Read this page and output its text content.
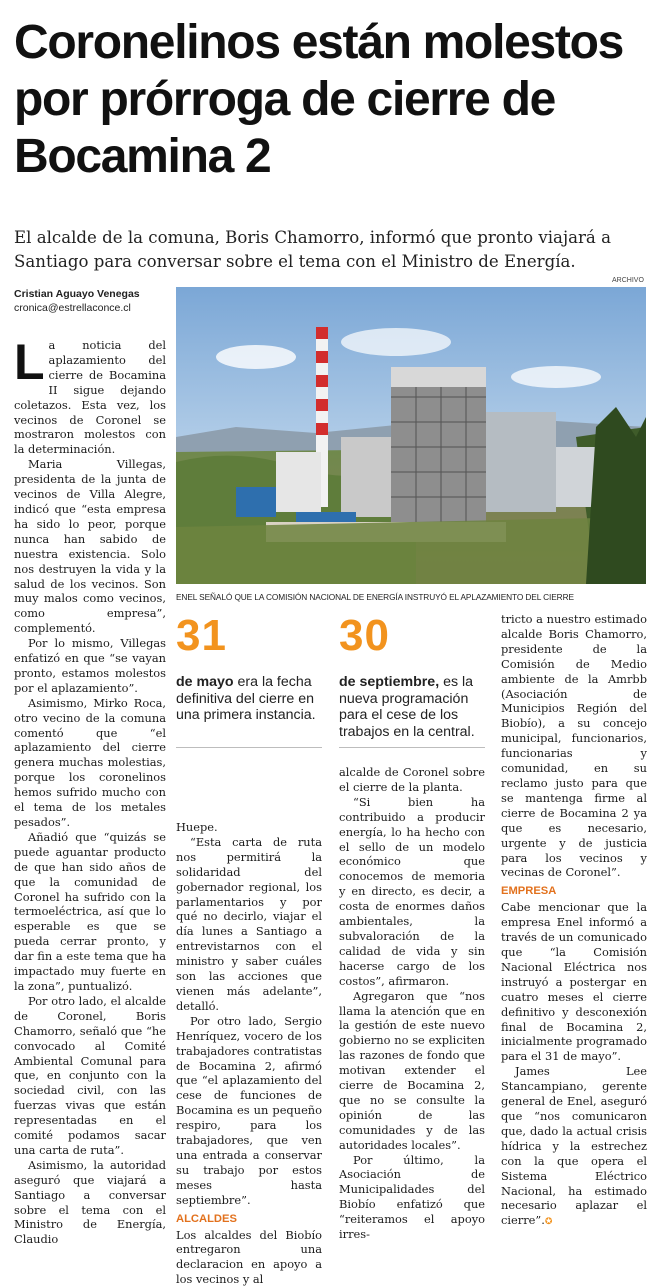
Coronelinos están molestos por prórroga de cierre de Bocamina 2

El alcalde de la comuna, Boris Chamorro, informó que pronto viajará a Santiago para conversar sobre el tema con el Ministro de Energía.

Cristian Aguayo Venegas
cronica@estrellaconce.cl
ARCHIVO
ENEL SEÑALÓ QUE LA COMISIÓN NACIONAL DE ENERGÍA INSTRUYÓ EL APLAZAMIENTO DEL CIERRE

La noticia del aplazamiento del cierre de Bocamina II sigue dejando coletazos. Esta vez, los vecinos de Coronel se mostraron molestos con la determinación.

Maria Villegas, presidenta de la junta de vecinos de Villa Alegre, indicó que “esta empresa ha sido lo peor, porque nunca han sabido de nuestra existencia. Solo nos destruyen la vida y la salud de los vecinos. Son muy malos como vecinos, como empresa”, complementó.

Por lo mismo, Villegas enfatizó en que “se vayan pronto, estamos molestos por el aplazamiento”.

Asimismo, Mirko Roca, otro vecino de la comuna comentó que “el aplazamiento del cierre genera muchas molestias, porque los coronelinos hemos sufrido mucho con el tema de los metales pesados”.

Añadió que “quizás se puede aguantar producto de que han sido años de que la comunidad de Coronel ha sufrido con la termoeléctrica, así que lo esperable es que se pueda cerrar pronto, y dar fin a este tema que ha impactado muy fuerte en la zona”, puntualizó.

Por otro lado, el alcalde de Coronel, Boris Chamorro, señaló que “he convocado al Comité Ambiental Comunal para que, en conjunto con la sociedad civil, con las fuerzas vivas que están representadas en el comité podamos sacar una carta de ruta”.

Asimismo, la autoridad aseguró que viajará a Santiago a conversar sobre el tema con el Ministro de Energía, Claudio

31
de mayo era la fecha definitiva del cierre en una primera instancia.
30
de septiembre, es la nueva programación para el cese de los trabajos en la central.

Huepe.

“Esta carta de ruta nos permitirá la solidaridad del gobernador regional, los parlamentarios y por qué no decirlo, viajar el día lunes a Santiago a entrevistarnos con el ministro y saber cuáles son las acciones que vienen más adelante”, detalló.

Por otro lado, Sergio Henríquez, vocero de los trabajadores contratistas de Bocamina 2, afirmó que “el aplazamiento del cese de funciones de Bocamina es un pequeño respiro, para los trabajadores, que ven una entrada a conservar su trabajo por estos meses hasta septiembre”.

ALCALDES

Los alcaldes del Biobío entregaron una declaracion en apoyo a los vecinos y al

alcalde de Coronel sobre el cierre de la planta.

“Si bien ha contribuido a producir energía, lo ha hecho con el sello de un modelo económico que conocemos de memoria y en directo, es decir, a costa de enormes daños ambientales, la subvaloración de la calidad de vida y sin hacerse cargo de los costos”, afirmaron.

Agregaron que “nos llama la atención que en la gestión de este nuevo gobierno no se expliciten las razones de fondo que motivan extender el cierre de Bocamina 2, que no se consulte la opinión de las comunidades y de las autoridades locales”.

Por último, la Asociación de Municipalidades del Biobío enfatizó que “reiteramos el apoyo irres-

tricto a nuestro estimado alcalde Boris Chamorro, presidente de la Comisión de Medio ambiente de la Amrbb (Asociación de Municipios Región del Biobío), a su concejo municipal, funcionarios, funcionarias y comunidad, en su reclamo justo para que se mantenga firme al cierre de Bocamina 2 ya que es necesario, urgente y de justicia para los vecinos y vecinas de Coronel”.

EMPRESA

Cabe mencionar que la empresa Enel informó a través de un comunicado que “la Comisión Nacional Eléctrica nos instruyó a postergar en cuatro meses el cierre definitivo y desconexión final de Bocamina 2, inicialmente programado para el 31 de mayo”.

James Lee Stancampiano, gerente general de Enel, aseguró que “nos comunicaron que, dado la actual crisis hídrica y la estrechez con la que opera el Sistema Eléctrico Nacional, ha estimado necesario aplazar el cierre”.✪
